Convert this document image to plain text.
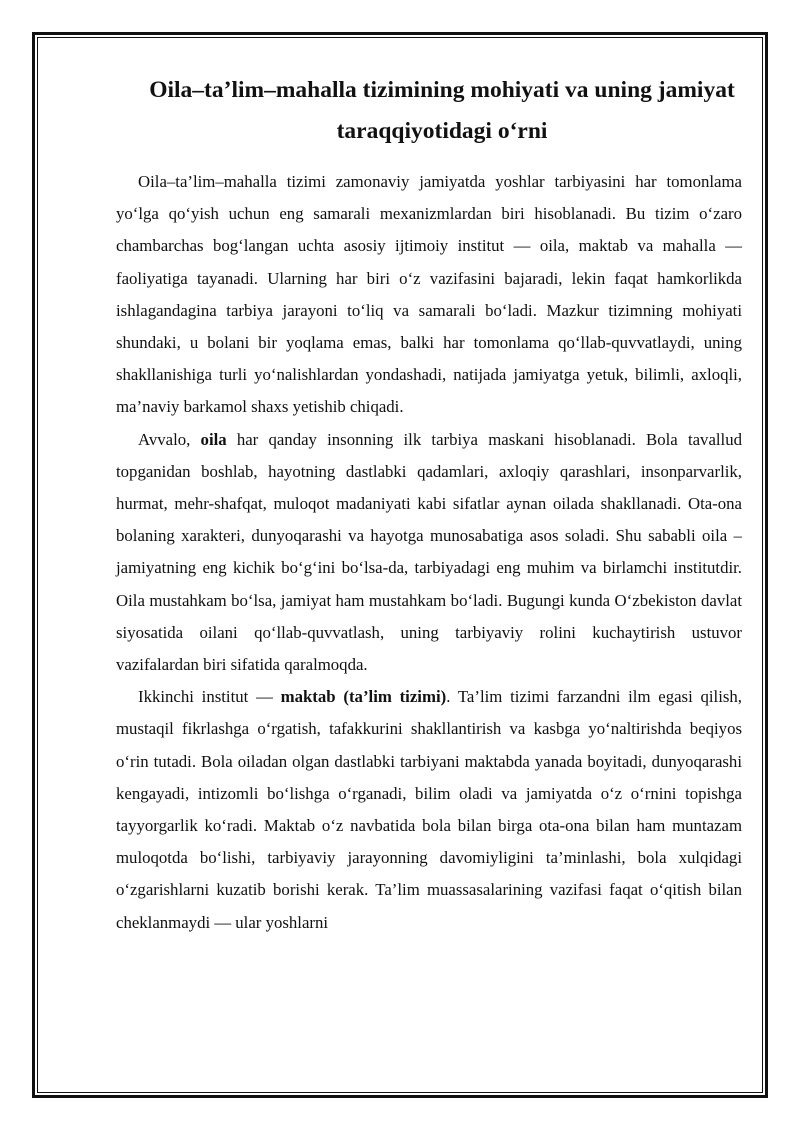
Oila–ta’lim–mahalla tizimining mohiyati va uning jamiyat taraqqiyotidagi o‘rni

Oila–ta’lim–mahalla tizimi zamonaviy jamiyatda yoshlar tarbiyasini har tomonlama yo‘lga qo‘yish uchun eng samarali mexanizmlardan biri hisoblanadi. Bu tizim o‘zaro chambarchas bog‘langan uchta asosiy ijtimoiy institut — oila, maktab va mahalla — faoliyatiga tayanadi. Ularning har biri o‘z vazifasini bajaradi, lekin faqat hamkorlikda ishlagandagina tarbiya jarayoni to‘liq va samarali bo‘ladi. Mazkur tizimning mohiyati shundaki, u bolani bir yoqlama emas, balki har tomonlama qo‘llab-quvvatlaydi, uning shakllanishiga turli yo‘nalishlardan yondashadi, natijada jamiyatga yetuk, bilimli, axloqli, ma’naviy barkamol shaxs yetishib chiqadi.

Avvalo, oila har qanday insonning ilk tarbiya maskani hisoblanadi. Bola tavallud topganidan boshlab, hayotning dastlabki qadamlari, axloqiy qarashlari, insonparvarlik, hurmat, mehr-shafqat, muloqot madaniyati kabi sifatlar aynan oilada shakllanadi. Ota-ona bolaning xarakteri, dunyoqarashi va hayotga munosabatiga asos soladi. Shu sababli oila – jamiyatning eng kichik bo‘g‘ini bo‘lsa-da, tarbiyadagi eng muhim va birlamchi institutdir. Oila mustahkam bo‘lsa, jamiyat ham mustahkam bo‘ladi. Bugungi kunda O‘zbekiston davlat siyosatida oilani qo‘llab-quvvatlash, uning tarbiyaviy rolini kuchaytirish ustuvor vazifalardan biri sifatida qaralmoqda.

Ikkinchi institut — maktab (ta’lim tizimi). Ta’lim tizimi farzandni ilm egasi qilish, mustaqil fikrlashga o‘rgatish, tafakkurini shakllantirish va kasbga yo‘naltirishda beqiyos o‘rin tutadi. Bola oiladan olgan dastlabki tarbiyani maktabda yanada boyitadi, dunyoqarashi kengayadi, intizomli bo‘lishga o‘rganadi, bilim oladi va jamiyatda o‘z o‘rnini topishga tayyorgarlik ko‘radi. Maktab o‘z navbatida bola bilan birga ota-ona bilan ham muntazam muloqotda bo‘lishi, tarbiyaviy jarayonning davomiyligini ta’minlashi, bola xulqidagi o‘zgarishlarni kuzatib borishi kerak. Ta’lim muassasalarining vazifasi faqat o‘qitish bilan cheklanmaydi — ular yoshlarni
